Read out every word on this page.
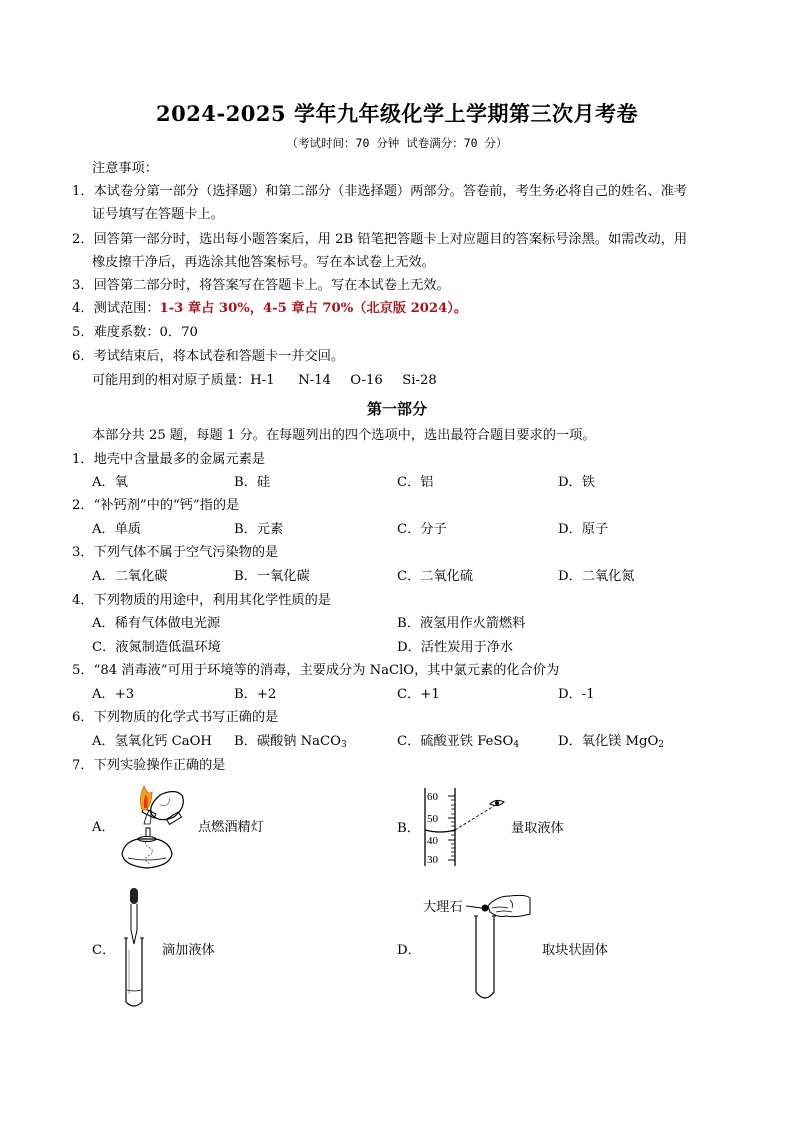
2024-2025 学年九年级化学上学期第三次月考卷
（考试时间：70 分钟 试卷满分：70 分）
注意事项：
1．本试卷分第一部分（选择题）和第二部分（非选择题）两部分。答卷前，考生务必将自己的姓名、准考
证号填写在答题卡上。
2．回答第一部分时，选出每小题答案后，用 2B 铅笔把答题卡上对应题目的答案标号涂黑。如需改动，用
橡皮擦干净后，再选涂其他答案标号。写在本试卷上无效。
3．回答第二部分时，将答案写在答题卡上。写在本试卷上无效。
4．测试范围：1-3 章占 30%，4-5 章占 70%（北京版 2024）。
5．难度系数：0．70
6．考试结束后，将本试卷和答题卡一并交回。
可能用到的相对原子质量：H-1 N-14 O-16 Si-28
第一部分
本部分共 25 题，每题 1 分。在每题列出的四个选项中，选出最符合题目要求的一项。
1．地壳中含量最多的金属元素是
A．氧	B．硅	C．铝	D．铁
2．“补钙剂”中的“钙”指的是
A．单质	B．元素	C．分子	D．原子
3．下列气体不属于空气污染物的是
A．二氧化碳	B．一氧化碳	C．二氧化硫	D．二氧化氮
4．下列物质的用途中，利用其化学性质的是
A．稀有气体做电光源	B．液氢用作火箭燃料
C．液氮制造低温环境	D．活性炭用于净水
5．“84 消毒液”可用于环境等的消毒，主要成分为 NaClO，其中氯元素的化合价为
A．+3	B．+2	C．+1	D．-1
6．下列物质的化学式书写正确的是
A．氢氧化钙 CaOH B．碳酸钠 NaCO$_3$	C．硫酸亚铁 FeSO$_4$	D．氧化镁 MgO$_2$
7．下列实验操作正确的是
A．	点燃酒精灯	B．
60
50
40
30
量取液体
C．	滴加液体	D．
大理石
取块状固体
